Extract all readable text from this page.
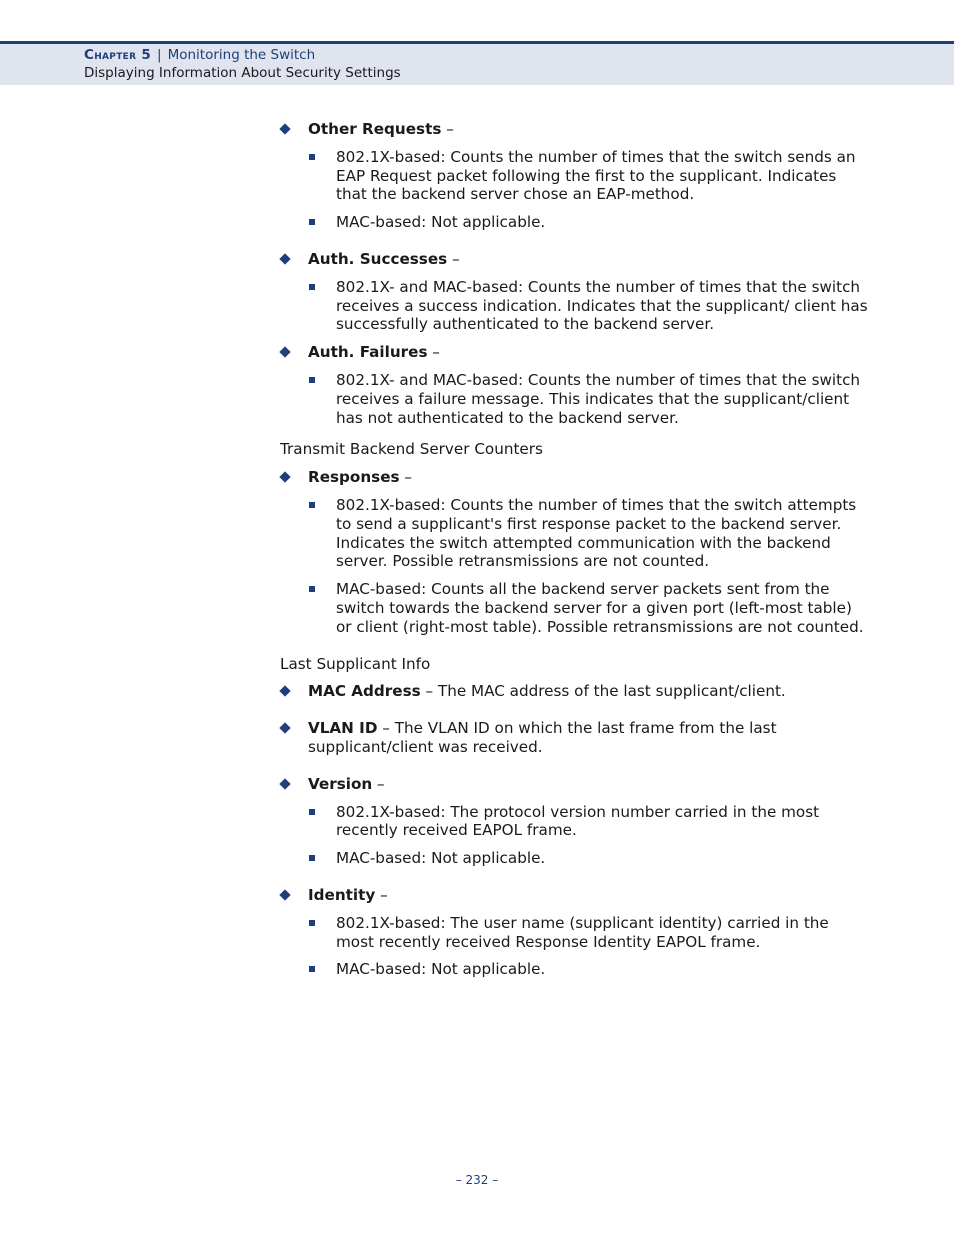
Chapter 5 | Monitoring the Switch
Displaying Information About Security Settings
Other Requests –
802.1X-based: Counts the number of times that the switch sends an EAP Request packet following the first to the supplicant. Indicates that the backend server chose an EAP-method.
MAC-based: Not applicable.
Auth. Successes –
802.1X- and MAC-based: Counts the number of times that the switch receives a success indication. Indicates that the supplicant/ client has successfully authenticated to the backend server.
Auth. Failures –
802.1X- and MAC-based: Counts the number of times that the switch receives a failure message. This indicates that the supplicant/client has not authenticated to the backend server.
Transmit Backend Server Counters
Responses –
802.1X-based: Counts the number of times that the switch attempts to send a supplicant's first response packet to the backend server. Indicates the switch attempted communication with the backend server. Possible retransmissions are not counted.
MAC-based: Counts all the backend server packets sent from the switch towards the backend server for a given port (left-most table) or client (right-most table). Possible retransmissions are not counted.
Last Supplicant Info
MAC Address – The MAC address of the last supplicant/client.
VLAN ID – The VLAN ID on which the last frame from the last supplicant/client was received.
Version –
802.1X-based: The protocol version number carried in the most recently received EAPOL frame.
MAC-based: Not applicable.
Identity –
802.1X-based: The user name (supplicant identity) carried in the most recently received Response Identity EAPOL frame.
MAC-based: Not applicable.
– 232 –
